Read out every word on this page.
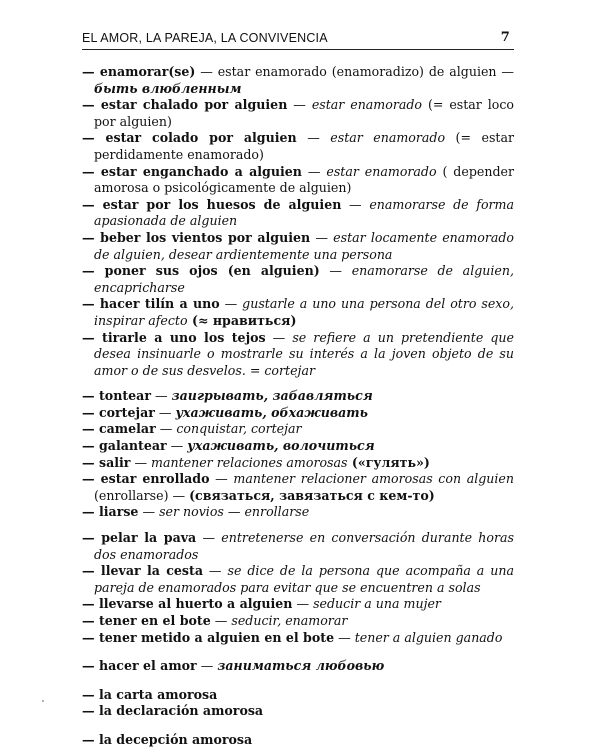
EL AMOR, LA PAREJA, LA CONVIVENCIA	7

— enamorar(se) — estar enamorado (enamoradizo) de alguien — быть влюбленным

— estar chalado por alguien — estar enamorado (= estar loco por alguien)

— estar colado por alguien — estar enamorado (= estar perdidamente enamorado)

— estar enganchado a alguien — estar enamorado ( depender amorosa o psicológicamente de alguien)

— estar por los huesos de alguien — enamorarse de forma apasionada de alguien

— beber los vientos por alguien — estar locamente enamorado de alguien, desear ardientemente una persona

— poner sus ojos (en alguien) — enamorarse de alguien, encapricharse

— hacer tilín a uno — gustarle a uno una persona del otro sexo, inspirar afecto (≈ нравиться)

— tirarle a uno los tejos — se refiere a un pretendiente que desea insinuarle o mostrarle su interés a la joven objeto de su amor o de sus desvelos. = cortejar

— tontear — заигрывать, забавляться

— cortejar — ухаживать, обхаживать

— camelar — conquistar, cortejar

— galantear — ухаживать, волочиться

— salir — mantener relaciones amorosas («гулять»)

— estar enrollado — mantener relacioner amorosas con alguien (enrollarse) — (связаться, завязаться с кем-то)

— liarse — ser novios — enrollarse

— pelar la pava — entretenerse en conversación durante horas dos enamorados

— llevar la cesta — se dice de la persona que acompaña a una pareja de enamorados para evitar que se encuentren a solas

— llevarse al huerto a alguien — seducir a una mujer

— tener en el bote — seducir, enamorar

— tener metido a alguien en el bote — tener a alguien ganado

— hacer el amor — заниматься любовью

— la carta amorosa

— la declaración amorosa

— la decepción amorosa
